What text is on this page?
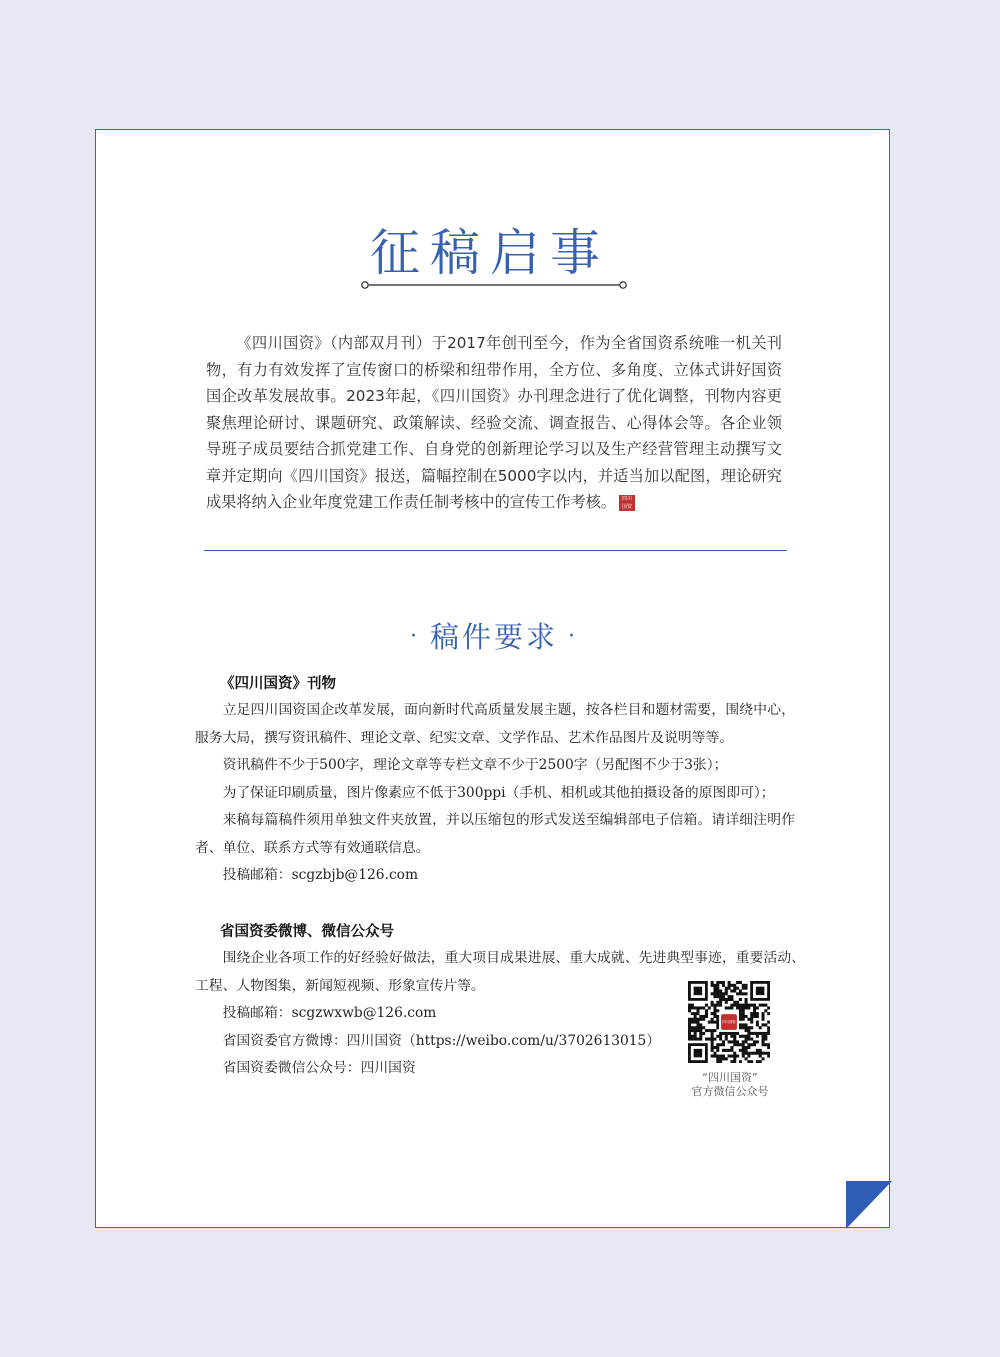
征稿启事

《四川国资》（内部双月刊）于2017年创刊至今，作为全省国资系统唯一机关刊物，有力有效发挥了宣传窗口的桥梁和纽带作用，全方位、多角度、立体式讲好国资国企改革发展故事。2023年起，《四川国资》办刊理念进行了优化调整，刊物内容更聚焦理论研讨、课题研究、政策解读、经验交流、调查报告、心得体会等。各企业领导班子成员要结合抓党建工作、自身党的创新理论学习以及生产经营管理主动撰写文章并定期向《四川国资》报送，篇幅控制在5000字以内，并适当加以配图，理论研究成果将纳入企业年度党建工作责任制考核中的宣传工作考核。 四川
国资

· 稿件要求 ·
《四川国资》刊物

立足四川国资国企改革发展，面向新时代高质量发展主题，按各栏目和题材需要，围绕中心，服务大局，撰写资讯稿件、理论文章、纪实文章、文学作品、艺术作品图片及说明等等。

资讯稿件不少于500字，理论文章等专栏文章不少于2500字（另配图不少于3张）；

为了保证印刷质量，图片像素应不低于300ppi（手机、相机或其他拍摄设备的原图即可）；

来稿每篇稿件须用单独文件夹放置，并以压缩包的形式发送至编辑部电子信箱。请详细注明作者、单位、联系方式等有效通联信息。

投稿邮箱：scgzbjb@126.com

省国资委微博、微信公众号

围绕企业各项工作的好经验好做法，重大项目成果进展、重大成就、先进典型事迹，重要活动、工程、人物图集，新闻短视频、形象宣传片等。

投稿邮箱：scgzwxwb@126.com

省国资委官方微博：四川国资（https://weibo.com/u/3702613015）

省国资委微信公众号：四川国资

四川国资
“四川国资”
官方微信公众号
